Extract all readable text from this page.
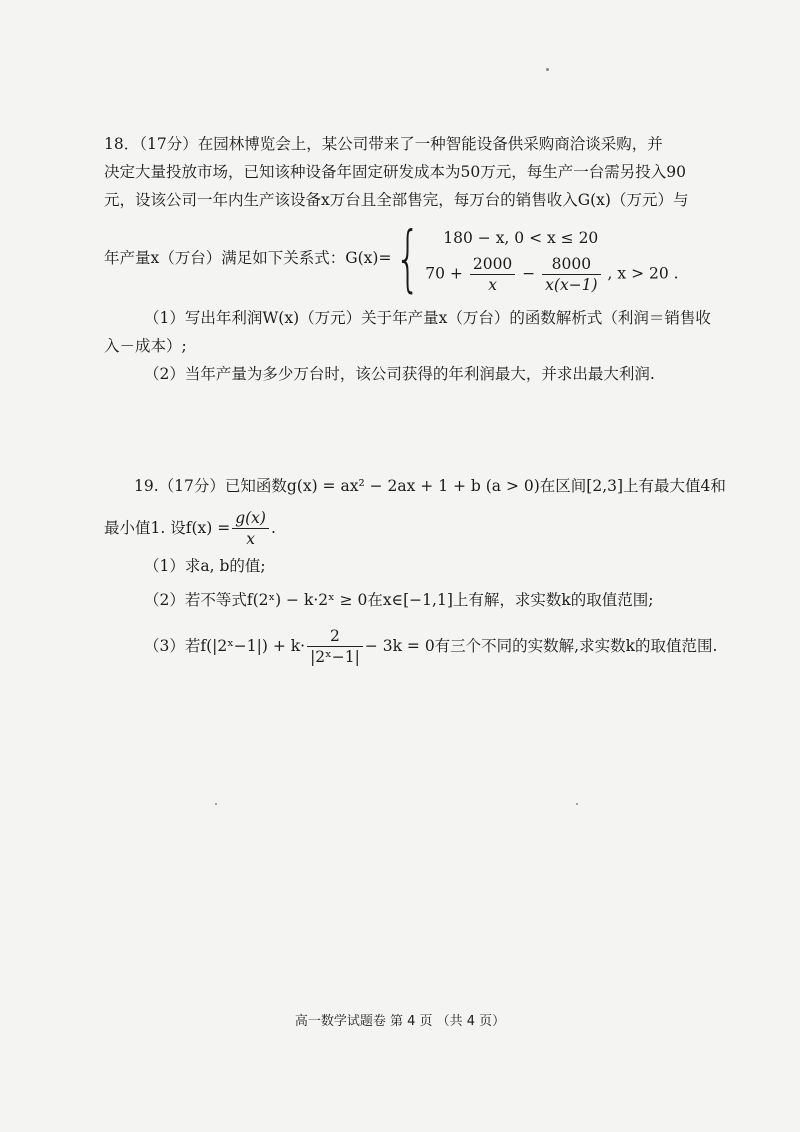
18．（17分）在园林博览会上，某公司带来了一种智能设备供采购商洽谈采购，并
决定大量投放市场，已知该种设备年固定研发成本为50万元，每生产一台需另投入90
元，设该公司一年内生产该设备x万台且全部售完，每万台的销售收入G(x)（万元）与
年产量x（万台）满足如下关系式：G(x)= {	180 − x, 0 < x ≤ 20
$70 + \frac{2000}{x} - \frac{8000}{x(x-1)}$ , x > 20 .
（1）写出年利润W(x)（万元）关于年产量x（万台）的函数解析式（利润＝销售收
入－成本）;
（2）当年产量为多少万台时，该公司获得的年利润最大，并求出最大利润.
19.（17分）已知函数g(x) = ax² − 2ax + 1 + b (a > 0)在区间[2,3]上有最大值4和
最小值1. 设$f(x) = \frac{g(x)}{x}$ .
（1）求a, b的值;
（2）若不等式f(2ˣ) − k·2ˣ ≥ 0在x∈[−1,1]上有解，求实数k的取值范围;
（3）若f(|2ˣ−1|) + $k\cdot \frac{2}{\text{|2ˣ−1|}} - 3k = 0$有三个不同的实数解,求实数k的取值范围.
高一数学试题卷 第 4 页 （共 4 页）
